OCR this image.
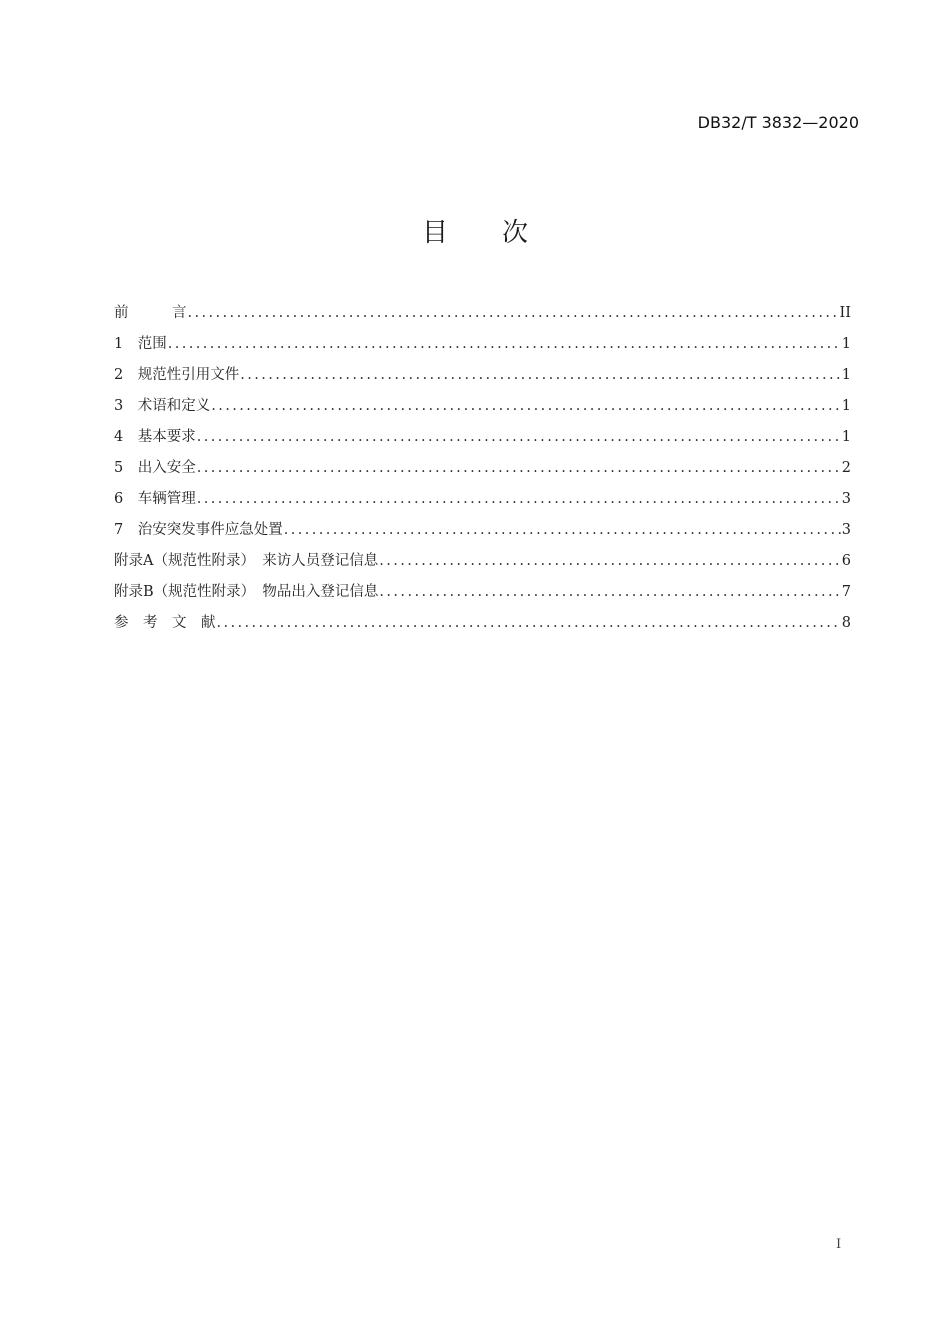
DB32/T 3832—2020
目 次
前　　　言 .....	II
1　范围 .....	1
2　规范性引用文件 .....	1
3　术语和定义 .....	1
4　基本要求 .....	1
5　出入安全 .....	2
6　车辆管理 .....	3
7　治安突发事件应急处置 .....	3
附录A（规范性附录）　来访人员登记信息 .....	6
附录B（规范性附录）　物品出入登记信息 .....	7
参　考　文　献 .....	8
I
